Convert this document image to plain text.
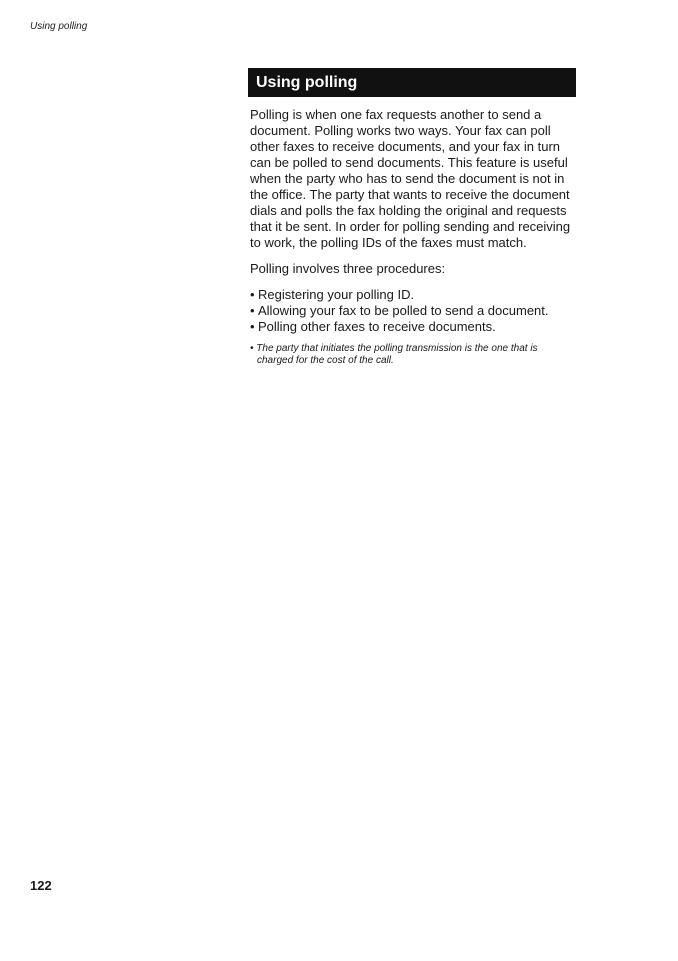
Using polling
Using polling

Polling is when one fax requests another to send a document. Polling works two ways. Your fax can poll other faxes to receive documents, and your fax in turn can be polled to send documents. This feature is useful when the party who has to send the document is not in the office. The party that wants to receive the document dials and polls the fax holding the original and requests that it be sent. In order for polling sending and receiving to work, the polling IDs of the faxes must match.

Polling involves three procedures:

• Registering your polling ID.
• Allowing your fax to be polled to send a document.
• Polling other faxes to receive documents.

• The party that initiates the polling transmission is the one that is charged for the cost of the call.

122
